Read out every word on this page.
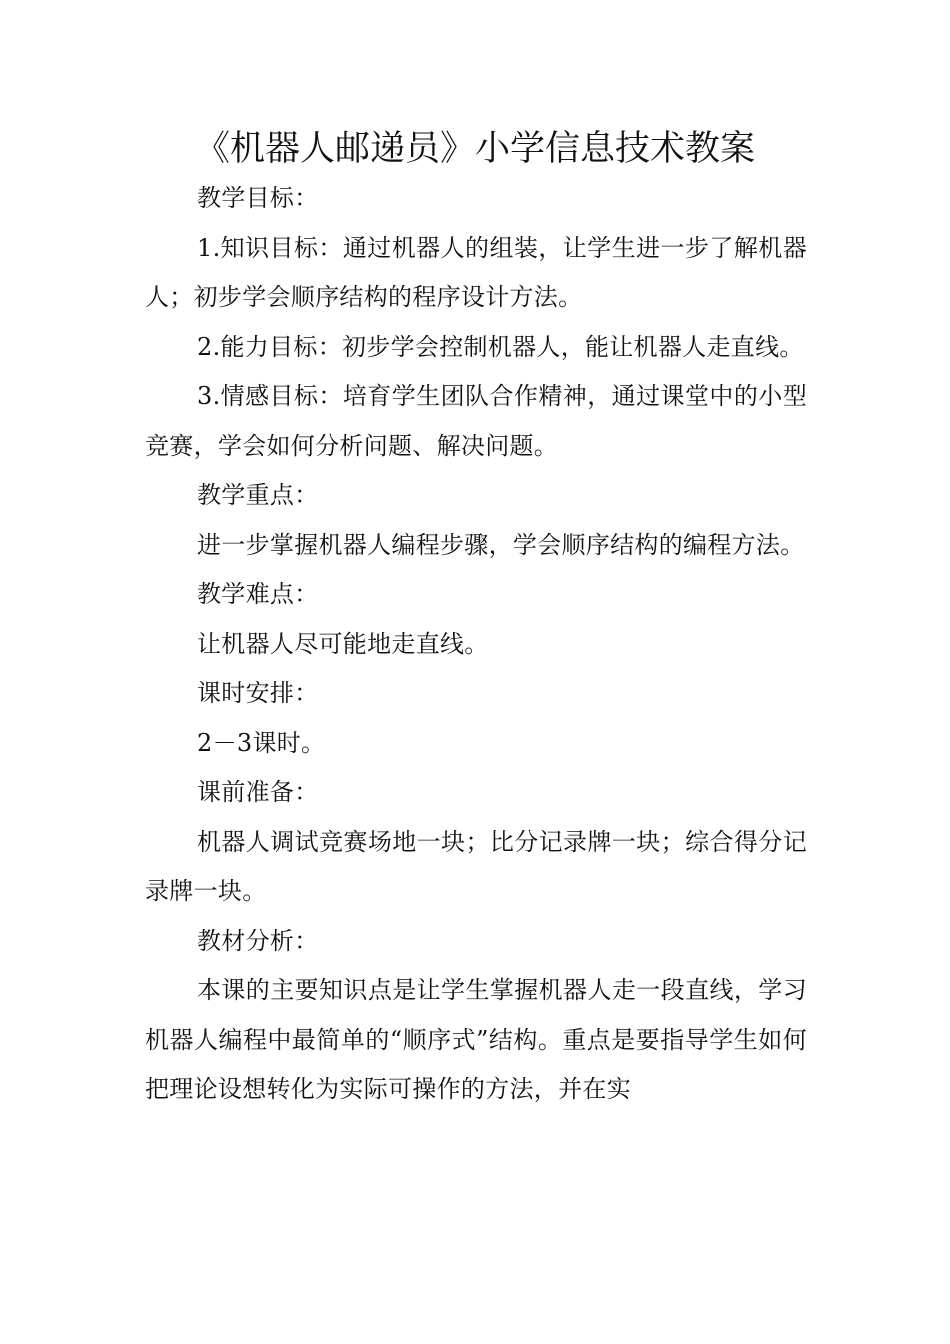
《机器人邮递员》小学信息技术教案

教学目标：

1.知识目标：通过机器人的组装，让学生进一步了解机器人；初步学会顺序结构的程序设计方法。

2.能力目标：初步学会控制机器人，能让机器人走直线。

3.情感目标：培育学生团队合作精神，通过课堂中的小型竞赛，学会如何分析问题、解决问题。

教学重点：

进一步掌握机器人编程步骤，学会顺序结构的编程方法。

教学难点：

让机器人尽可能地走直线。

课时安排：

2－3课时。

课前准备：

机器人调试竞赛场地一块；比分记录牌一块；综合得分记录牌一块。

教材分析：

本课的主要知识点是让学生掌握机器人走一段直线，学习机器人编程中最简单的“顺序式”结构。重点是要指导学生如何把理论设想转化为实际可操作的方法，并在实
